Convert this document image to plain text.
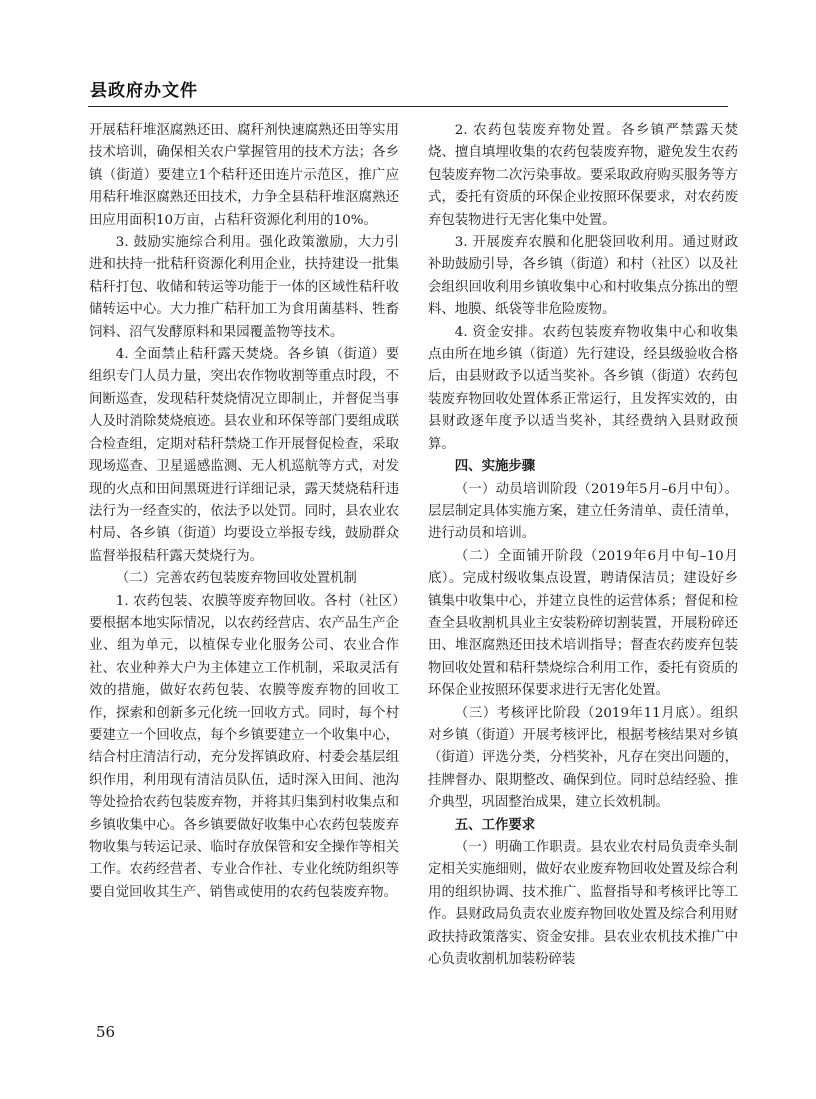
县政府办文件

开展秸秆堆沤腐熟还田、腐秆剂快速腐熟还田等实用技术培训，确保相关农户掌握管用的技术方法；各乡镇（街道）要建立1个秸秆还田连片示范区，推广应用秸秆堆沤腐熟还田技术，力争全县秸秆堆沤腐熟还田应用面积10万亩，占秸秆资源化利用的10%。

3. 鼓励实施综合利用。强化政策激励，大力引进和扶持一批秸秆资源化利用企业，扶持建设一批集秸秆打包、收储和转运等功能于一体的区域性秸秆收储转运中心。大力推广秸秆加工为食用菌基料、牲畜饲料、沼气发酵原料和果园覆盖物等技术。

4. 全面禁止秸秆露天焚烧。各乡镇（街道）要组织专门人员力量，突出农作物收割等重点时段，不间断巡查，发现秸秆焚烧情况立即制止，并督促当事人及时消除焚烧痕迹。县农业和环保等部门要组成联合检查组，定期对秸秆禁烧工作开展督促检查，采取现场巡查、卫星遥感监测、无人机巡航等方式，对发现的火点和田间黑斑进行详细记录，露天焚烧秸秆违法行为一经查实的，依法予以处罚。同时，县农业农村局、各乡镇（街道）均要设立举报专线，鼓励群众监督举报秸秆露天焚烧行为。

（二）完善农药包装废弃物回收处置机制

1. 农药包装、农膜等废弃物回收。各村（社区）要根据本地实际情况，以农药经营店、农产品生产企业、组为单元，以植保专业化服务公司、农业合作社、农业种养大户为主体建立工作机制，采取灵活有效的措施，做好农药包装、农膜等废弃物的回收工作，探索和创新多元化统一回收方式。同时，每个村要建立一个回收点，每个乡镇要建立一个收集中心，结合村庄清洁行动，充分发挥镇政府、村委会基层组织作用，利用现有清洁员队伍，适时深入田间、池沟等处捡拾农药包装废弃物，并将其归集到村收集点和乡镇收集中心。各乡镇要做好收集中心农药包装废弃物收集与转运记录、临时存放保管和安全操作等相关工作。农药经营者、专业合作社、专业化统防组织等要自觉回收其生产、销售或使用的农药包装废弃物。

2. 农药包装废弃物处置。各乡镇严禁露天焚烧、擅自填埋收集的农药包装废弃物，避免发生农药包装废弃物二次污染事故。要采取政府购买服务等方式，委托有资质的环保企业按照环保要求，对农药废弃包装物进行无害化集中处置。

3. 开展废弃农膜和化肥袋回收利用。通过财政补助鼓励引导，各乡镇（街道）和村（社区）以及社会组织回收利用乡镇收集中心和村收集点分拣出的塑料、地膜、纸袋等非危险废物。

4. 资金安排。农药包装废弃物收集中心和收集点由所在地乡镇（街道）先行建设，经县级验收合格后，由县财政予以适当奖补。各乡镇（街道）农药包装废弃物回收处置体系正常运行，且发挥实效的，由县财政逐年度予以适当奖补，其经费纳入县财政预算。

四、实施步骤

（一）动员培训阶段（2019年5月–6月中旬）。层层制定具体实施方案，建立任务清单、责任清单，进行动员和培训。

（二）全面铺开阶段（2019年6月中旬–10月底）。完成村级收集点设置，聘请保洁员；建设好乡镇集中收集中心，并建立良性的运营体系；督促和检查全县收割机具业主安装粉碎切割装置，开展粉碎还田、堆沤腐熟还田技术培训指导；督查农药废弃包装物回收处置和秸秆禁烧综合利用工作，委托有资质的环保企业按照环保要求进行无害化处置。

（三）考核评比阶段（2019年11月底）。组织对乡镇（街道）开展考核评比，根据考核结果对乡镇（街道）评选分类，分档奖补，凡存在突出问题的，挂牌督办、限期整改、确保到位。同时总结经验、推介典型，巩固整治成果，建立长效机制。

五、工作要求

（一）明确工作职责。县农业农村局负责牵头制定相关实施细则，做好农业废弃物回收处置及综合利用的组织协调、技术推广、监督指导和考核评比等工作。县财政局负责农业废弃物回收处置及综合利用财政扶持政策落实、资金安排。县农业农机技术推广中心负责收割机加装粉碎装

56
